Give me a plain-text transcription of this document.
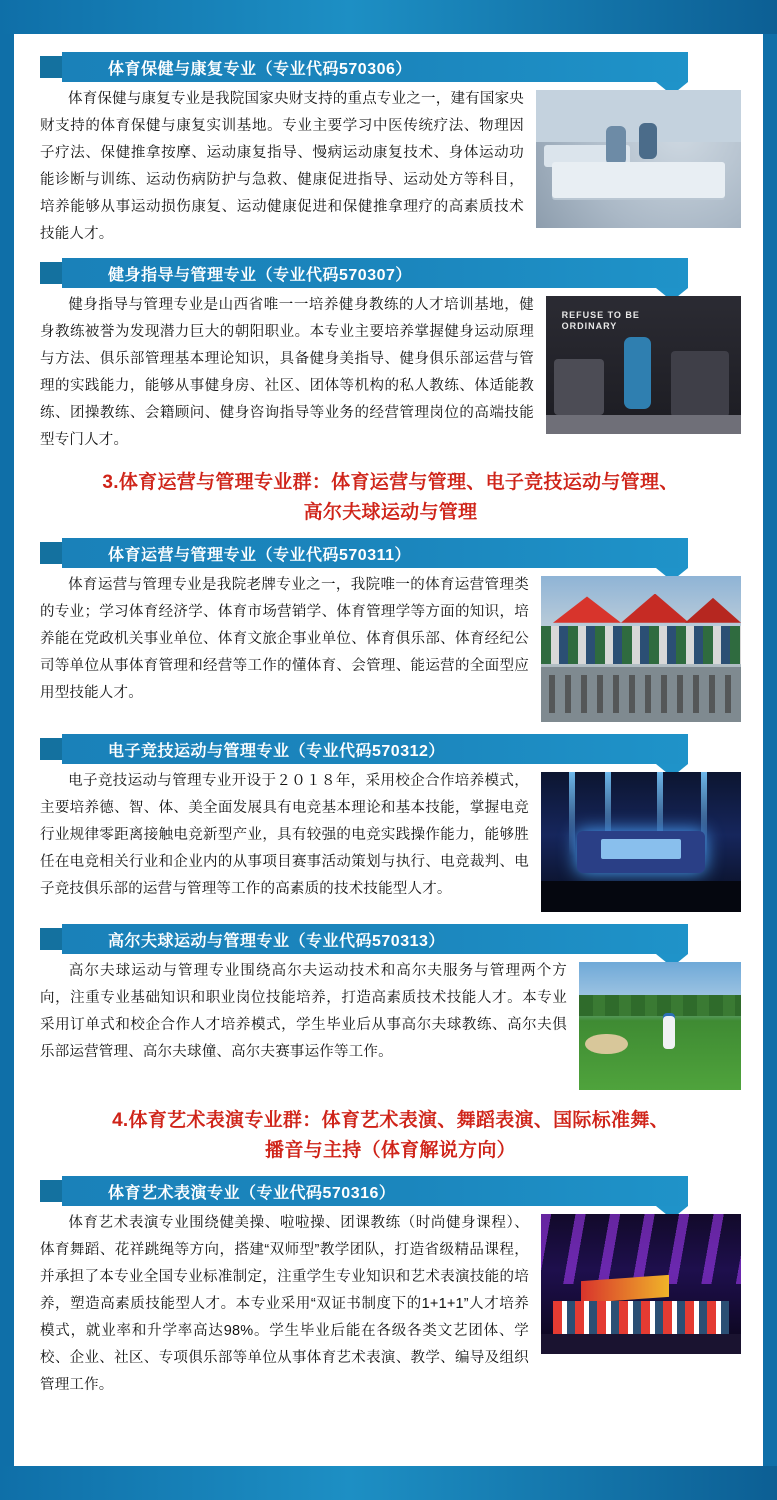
体育保健与康复专业（专业代码570306）
体育保健与康复专业是我院国家央财支持的重点专业之一，建有国家央财支持的体育保健与康复实训基地。专业主要学习中医传统疗法、物理因子疗法、保健推拿按摩、运动康复指导、慢病运动康复技术、身体运动功能诊断与训练、运动伤病防护与急救、健康促进指导、运动处方等科目，培养能够从事运动损伤康复、运动健康促进和保健推拿理疗的高素质技术技能人才。
健身指导与管理专业（专业代码570307）
REFUSE TO BE
ORDINARY
健身指导与管理专业是山西省唯一一培养健身教练的人才培训基地，健身教练被誉为发现潜力巨大的朝阳职业。本专业主要培养掌握健身运动原理与方法、俱乐部管理基本理论知识，具备健身美指导、健身俱乐部运营与管理的实践能力，能够从事健身房、社区、团体等机构的私人教练、体适能教练、团操教练、会籍顾问、健身咨询指导等业务的经营管理岗位的高端技能型专门人才。
3.体育运营与管理专业群：体育运营与管理、电子竞技运动与管理、
高尔夫球运动与管理
体育运营与管理专业（专业代码570311）
体育运营与管理专业是我院老牌专业之一，我院唯一的体育运营管理类的专业；学习体育经济学、体育市场营销学、体育管理学等方面的知识，培养能在党政机关事业单位、体育文旅企事业单位、体育俱乐部、体育经纪公司等单位从事体育管理和经营等工作的懂体育、会管理、能运营的全面型应用型技能人才。
电子竞技运动与管理专业（专业代码570312）
电子竞技运动与管理专业开设于２０１８年，采用校企合作培养模式，主要培养德、智、体、美全面发展具有电竞基本理论和基本技能，掌握电竞行业规律零距离接触电竞新型产业，具有较强的电竞实践操作能力，能够胜任在电竞相关行业和企业内的从事项目赛事活动策划与执行、电竞裁判、电子竞技俱乐部的运营与管理等工作的高素质的技术技能型人才。
高尔夫球运动与管理专业（专业代码570313）
高尔夫球运动与管理专业围绕高尔夫运动技术和高尔夫服务与管理两个方向，注重专业基础知识和职业岗位技能培养，打造高素质技术技能人才。本专业采用订单式和校企合作人才培养模式，学生毕业后从事高尔夫球教练、高尔夫俱乐部运营管理、高尔夫球僮、高尔夫赛事运作等工作。
4.体育艺术表演专业群：体育艺术表演、舞蹈表演、国际标准舞、
播音与主持（体育解说方向）
体育艺术表演专业（专业代码570316）
体育艺术表演专业围绕健美操、啦啦操、团课教练（时尚健身课程）、体育舞蹈、花祥跳绳等方向，搭建“双师型”教学团队，打造省级精品课程，并承担了本专业全国专业标准制定，注重学生专业知识和艺术表演技能的培养，塑造高素质技能型人才。本专业采用“双证书制度下的1+1+1”人才培养模式，就业率和升学率高达98%。学生毕业后能在各级各类文艺团体、学校、企业、社区、专项俱乐部等单位从事体育艺术表演、教学、编导及组织管理工作。
